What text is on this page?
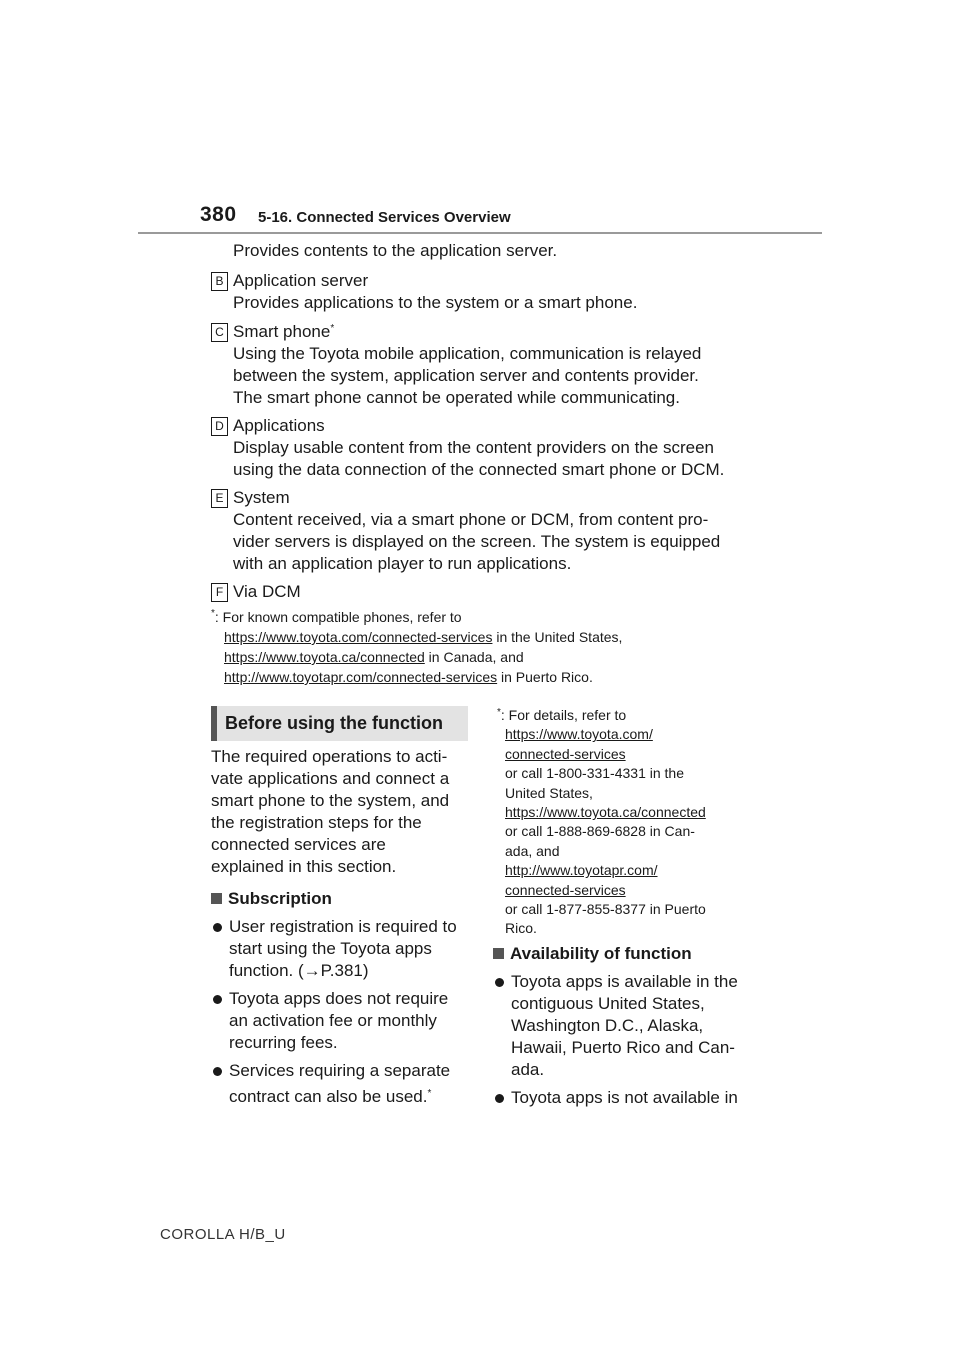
380 5-16. Connected Services Overview
Provides contents to the application server.
B Application server
Provides applications to the system or a smart phone.
C Smart phone*
Using the Toyota mobile application, communication is relayed
between the system, application server and contents provider.
The smart phone cannot be operated while communicating.
D Applications
Display usable content from the content providers on the screen
using the data connection of the connected smart phone or DCM.
E System
Content received, via a smart phone or DCM, from content pro-
vider servers is displayed on the screen. The system is equipped
with an application player to run applications.
F Via DCM
*: For known compatible phones, refer to
https://www.toyota.com/connected-services in the United States,
https://www.toyota.ca/connected in Canada, and
http://www.toyotapr.com/connected-services in Puerto Rico.
Before using the function
The required operations to acti-
vate applications and connect a
smart phone to the system, and
the registration steps for the
connected services are
explained in this section.
Subscription
User registration is required to
start using the Toyota apps
function. (→P.381)
Toyota apps does not require
an activation fee or monthly
recurring fees.
Services requiring a separate
contract can also be used.*
*: For details, refer to
https://www.toyota.com/
connected-services
or call 1-800-331-4331 in the
United States,
https://www.toyota.ca/connected
or call 1-888-869-6828 in Can-
ada, and
http://www.toyotapr.com/
connected-services
or call 1-877-855-8377 in Puerto
Rico.
Availability of function
Toyota apps is available in the
contiguous United States,
Washington D.C., Alaska,
Hawaii, Puerto Rico and Can-
ada.
Toyota apps is not available in
COROLLA H/B_U
